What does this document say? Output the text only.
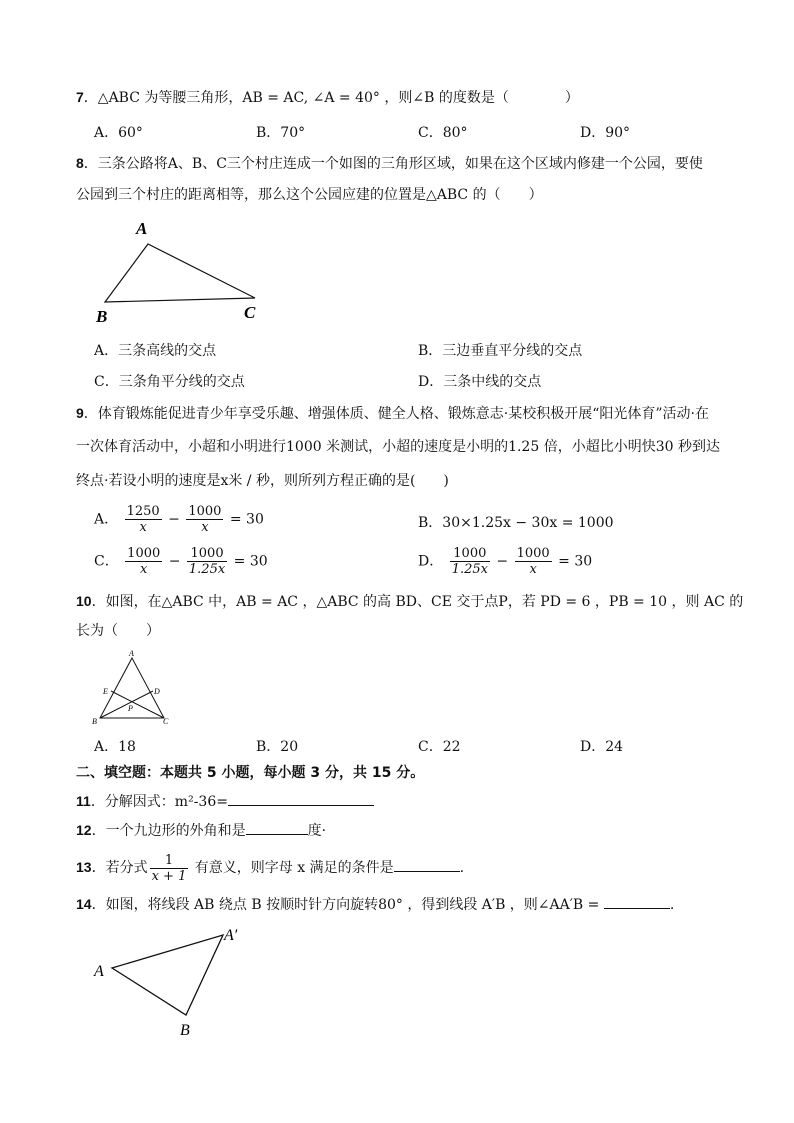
7．△ABC 为等腰三角形，AB = AC, ∠A = 40° ，则∠B 的度数是（　　　　）
A．60°	B．70°	C．80°	D．90°
8．三条公路将A、B、C三个村庄连成一个如图的三角形区域，如果在这个区域内修建一个公园，要使
公园到三个村庄的距离相等，那么这个公园应建的位置是△ABC 的（　　）
A
B	C
A．三条高线的交点	B．三边垂直平分线的交点
C．三条角平分线的交点	D．三条中线的交点
9．体育锻炼能促进青少年享受乐趣、增强体质、健全人格、锻炼意志·某校积极开展“阳光体育”活动·在
一次体育活动中，小超和小明进行1000 米测试，小超的速度是小明的1.25 倍，小超比小明快30 秒到达
终点·若设小明的速度是x米 / 秒，则所列方程正确的是(　　)
A． $\frac{1250}{x} - \frac{1000}{x} = 30$	B．30×1.25x − 30x = 1000
C． $\frac{1000}{x} - \frac{1000}{1.25x} = 30$	D． $\frac{1000}{1.25x} - \frac{1000}{x} = 30$
10．如图，在△ABC 中，AB = AC ，△ABC 的高 BD、CE 交于点P，若 PD = 6 ，PB = 10 ，则 AC 的
长为（　　）
A
B	C
D
E
P
A．18	B．20	C．22	D．24
二、填空题：本题共 5 小题，每小题 3 分，共 15 分。
11．分解因式：m²-36=
12．一个九边形的外角和是	度·
13．若分式 $\frac{1}{x + 1}$ 有意义，则字母 x 满足的条件是	.
14．如图，将线段 AB 绕点 B 按顺时针方向旋转80° ，得到线段 A′B ，则∠AA′B =	.
A
A′
B
